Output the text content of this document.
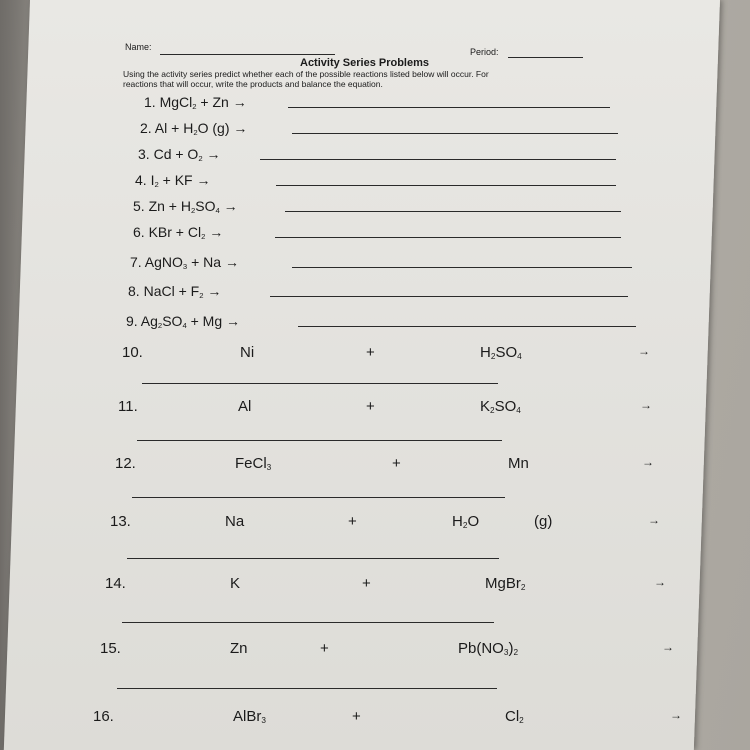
Name:	Period:
Activity Series Problems
Using the activity series predict whether each of the possible reactions listed below will occur. For
reactions that will occur, write the products and balance the equation.
1. MgCl$_2$ + Zn →
2. $Al + H_2O$ (g) →
3. $Cd + O_2$ →
4. $I_2$ + KF →
5. $Zn + H_2SO_4$ →
6. KBr + $Cl_2$ →
7. AgNO$_3$ + Na →
8. NaCl + $F_2$ →
9. $Ag_2SO_4 + Mg$ →
10.	Ni	+	$H_2SO_4$	→
11.	Al	+	$K_2SO_4$	→
12.	FeCl$_3$	+	Mn	→
13.	Na	+	$H_2O$	(g)	→
14.	K	+	MgBr$_2$	→
15.	Zn	+	$Pb(NO_3)_2$	→
16.	AlBr$_3$	+	$Cl_2$	→
